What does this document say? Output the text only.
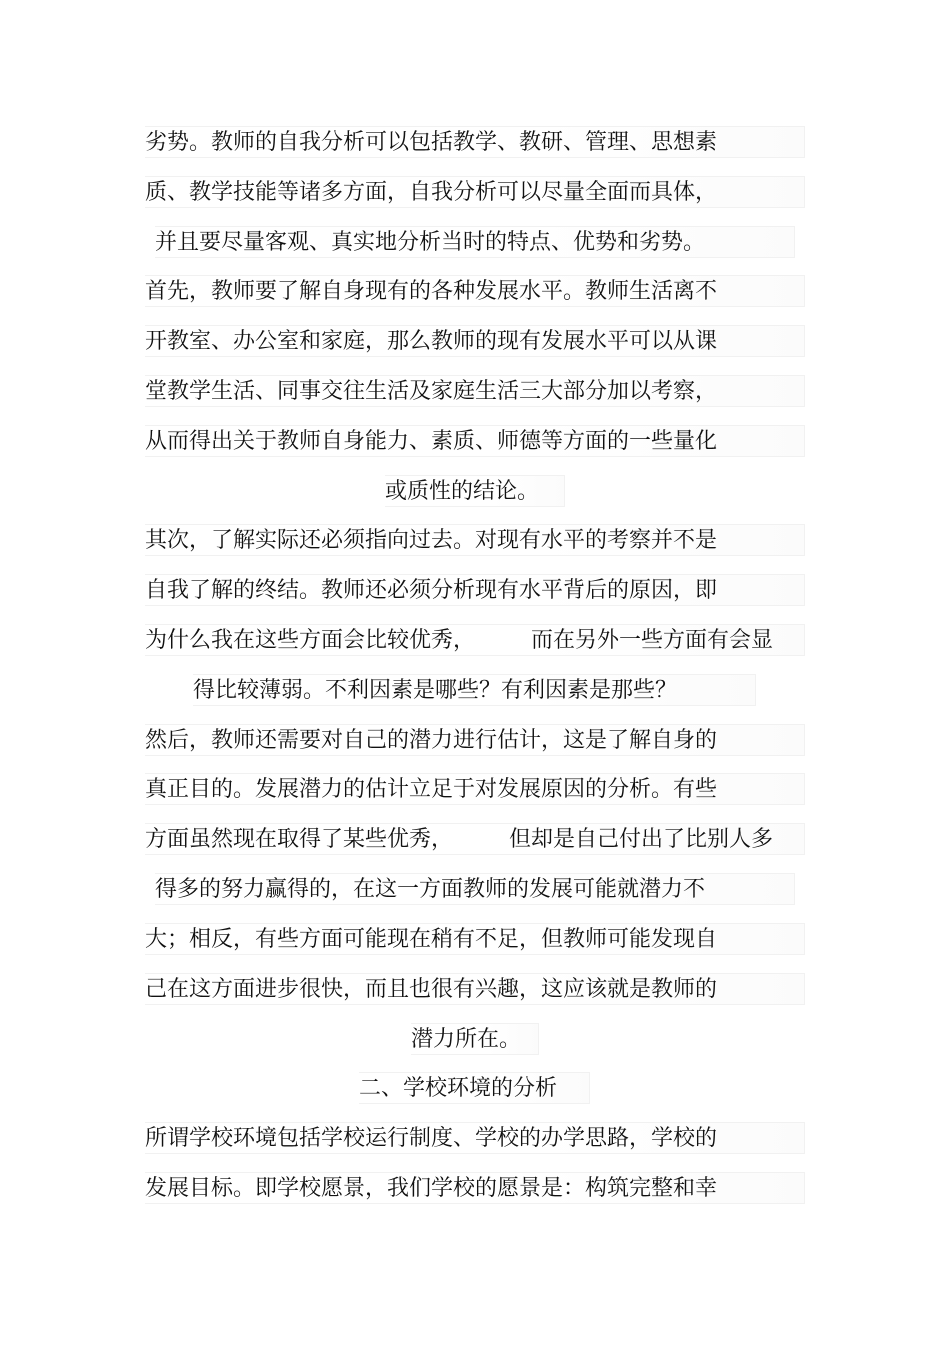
劣势。教师的自我分析可以包括教学、教研、管理、思想素
质、教学技能等诸多方面，自我分析可以尽量全面而具体，
并且要尽量客观、真实地分析当时的特点、优势和劣势。
首先，教师要了解自身现有的各种发展水平。教师生活离不
开教室、办公室和家庭，那么教师的现有发展水平可以从课
堂教学生活、同事交往生活及家庭生活三大部分加以考察，
从而得出关于教师自身能力、素质、师德等方面的一些量化
或质性的结论。
其次，了解实际还必须指向过去。对现有水平的考察并不是
自我了解的终结。教师还必须分析现有水平背后的原因，即
为什么我在这些方面会比较优秀，        而在另外一些方面有会显
得比较薄弱。不利因素是哪些？有利因素是那些？
然后，教师还需要对自己的潜力进行估计，这是了解自身的
真正目的。发展潜力的估计立足于对发展原因的分析。有些
方面虽然现在取得了某些优秀，        但却是自己付出了比别人多
得多的努力赢得的，在这一方面教师的发展可能就潜力不
大；相反，有些方面可能现在稍有不足，但教师可能发现自
己在这方面进步很快，而且也很有兴趣，这应该就是教师的
潜力所在。
二、学校环境的分析
所谓学校环境包括学校运行制度、学校的办学思路，学校的
发展目标。即学校愿景，我们学校的愿景是：构筑完整和幸
